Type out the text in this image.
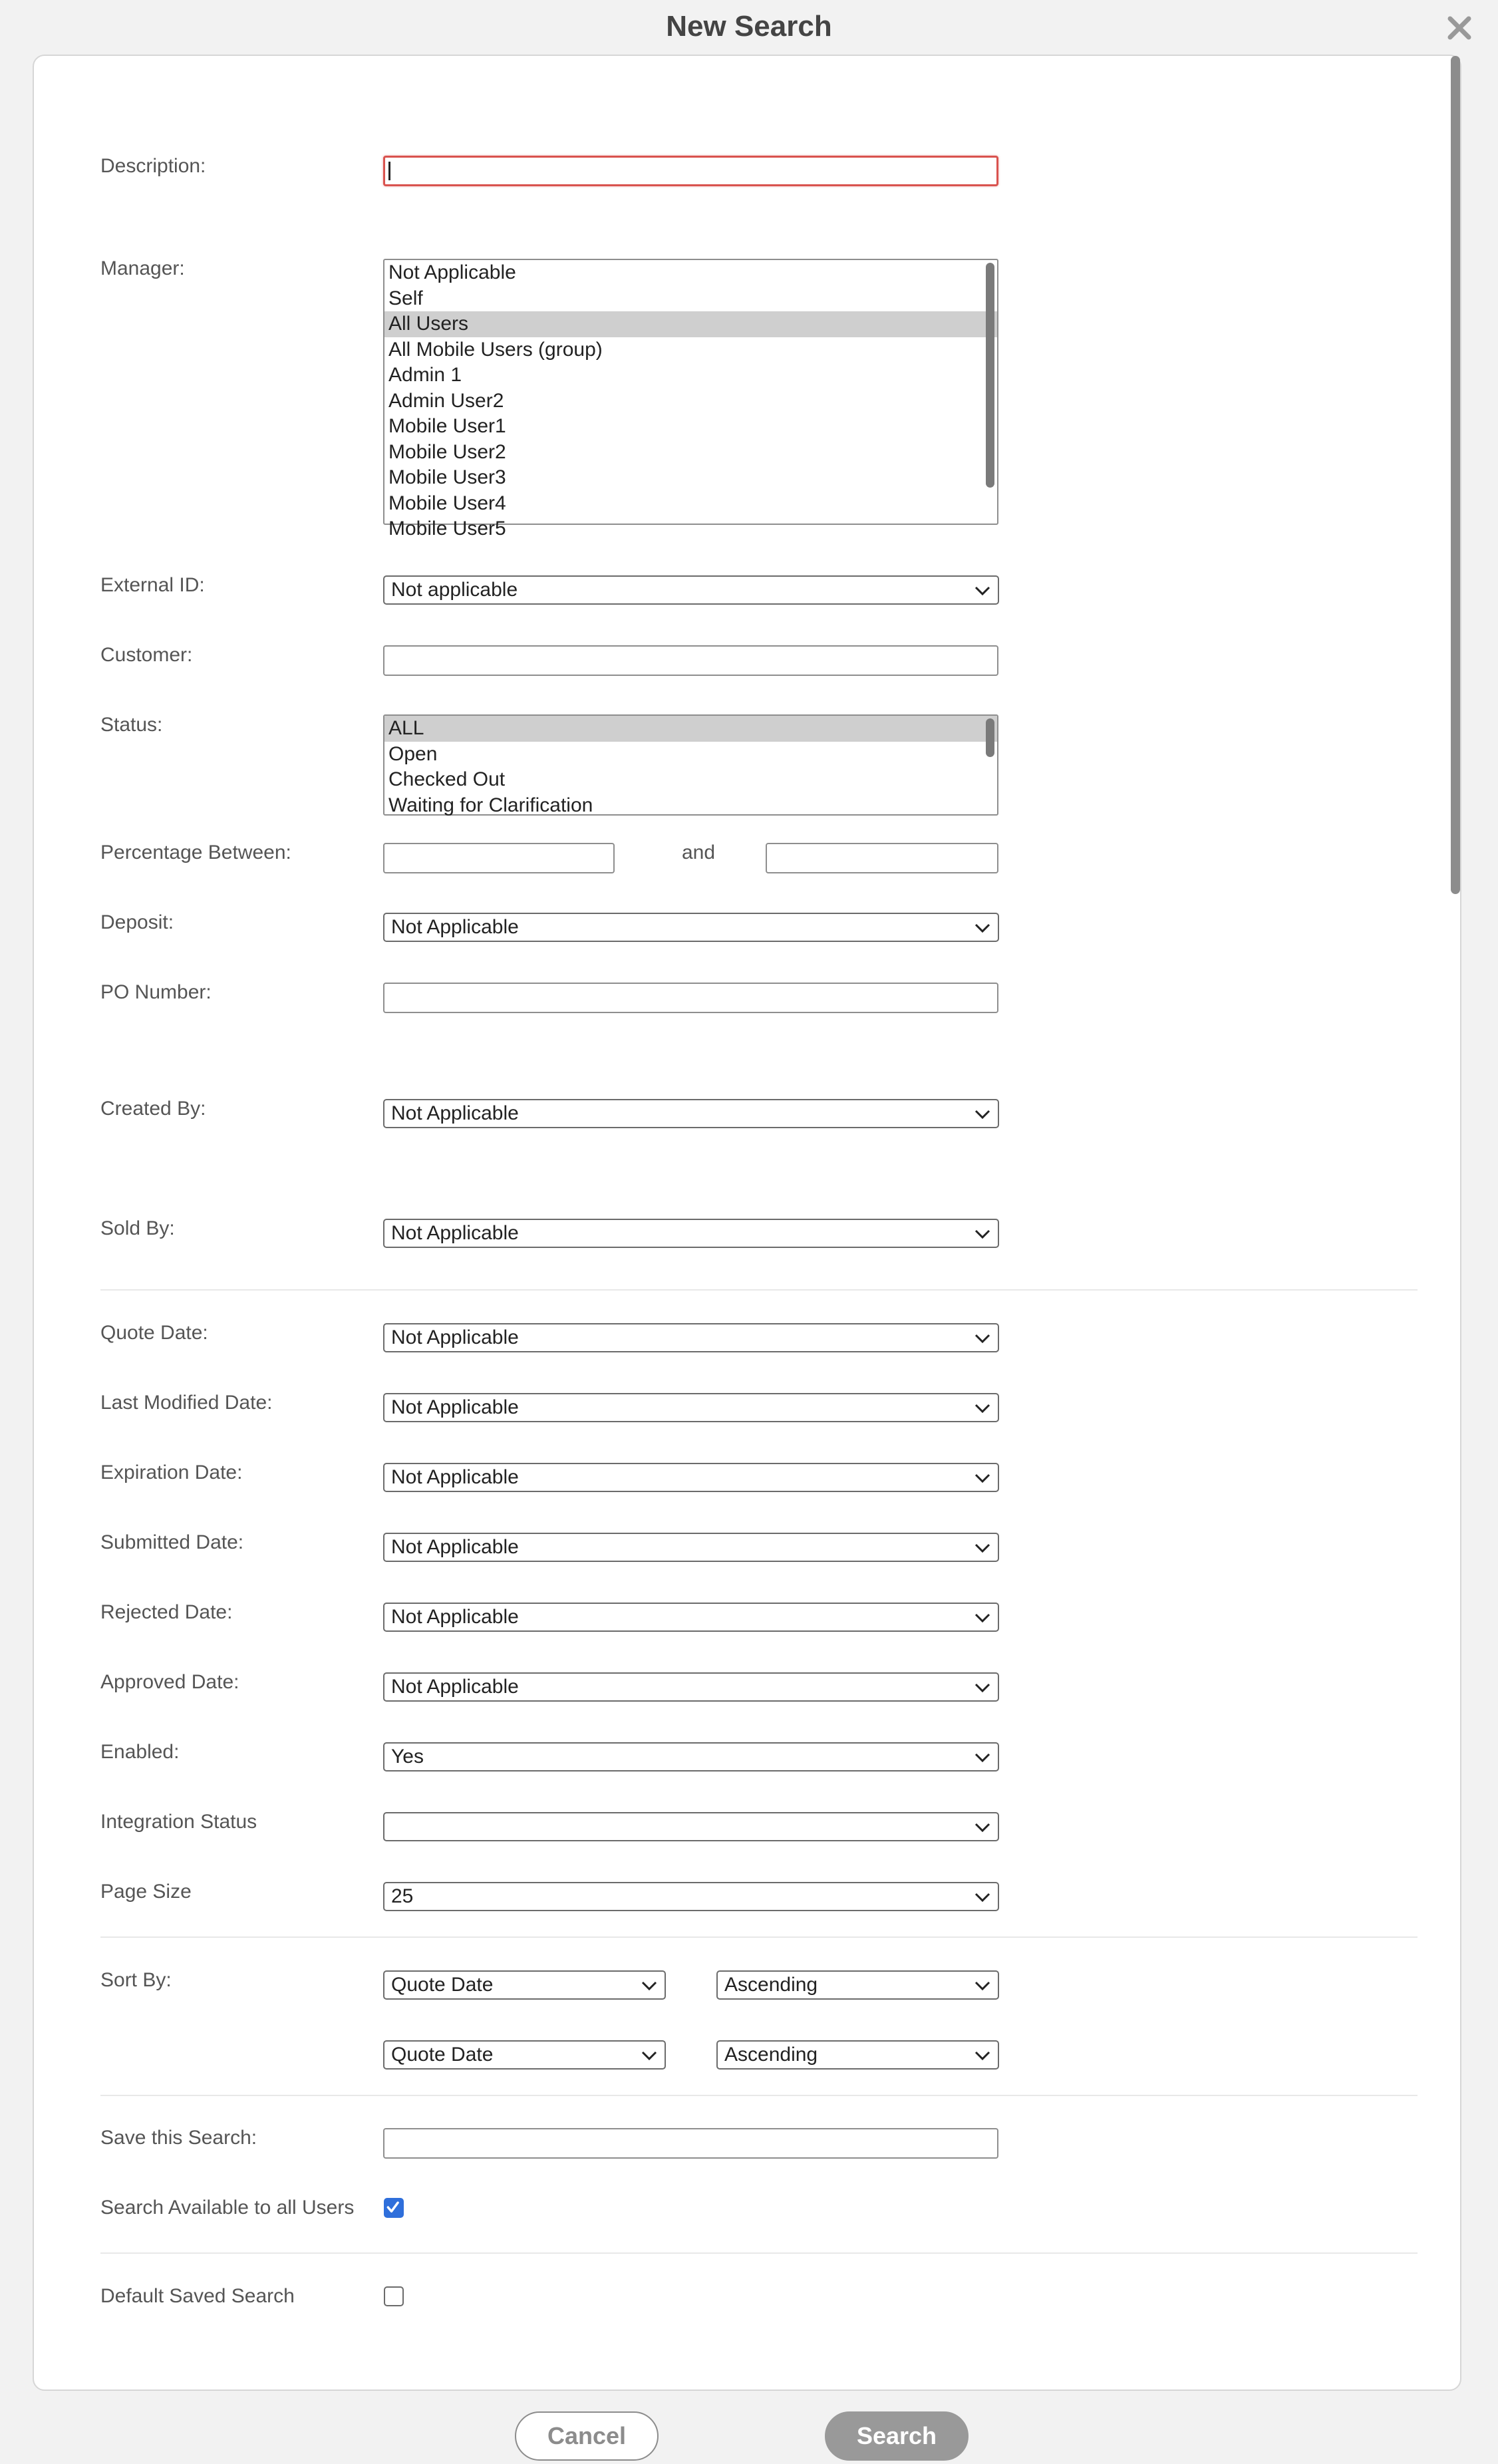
New Search
Description:
Manager:	Not Applicable
Self
All Users
All Mobile Users (group)
Admin 1
Admin User2
Mobile User1
Mobile User2
Mobile User3
Mobile User4
Mobile User5
External ID:	Not applicable
Customer:
Status:	ALL
Open
Checked Out
Waiting for Clarification
Percentage Between:	and
Deposit:	Not Applicable
PO Number:
Created By:	Not Applicable
Sold By:	Not Applicable
Quote Date:	Not Applicable
Last Modified Date:	Not Applicable
Expiration Date:	Not Applicable
Submitted Date:	Not Applicable
Rejected Date:	Not Applicable
Approved Date:	Not Applicable
Enabled:	Yes
Integration Status
Page Size	25
Sort By:	Quote Date	Ascending
Quote Date	Ascending
Save this Search:
Search Available to all Users
Default Saved Search
Cancel	Search
